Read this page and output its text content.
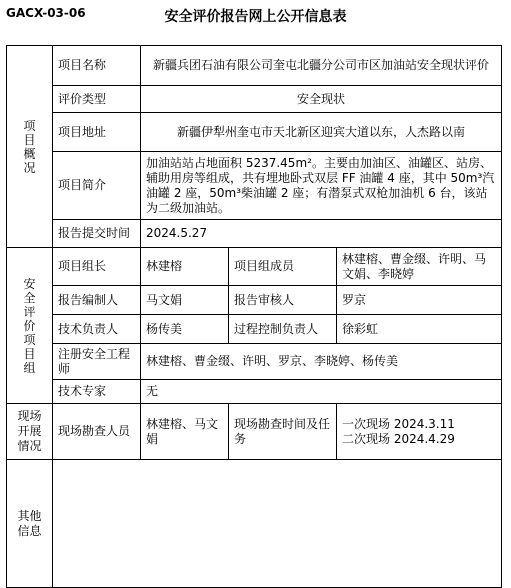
GACX-03-06	安全评价报告网上公开信息表
项目概况	项目名称	新疆兵团石油有限公司奎屯北疆分公司市区加油站安全现状评价		
	评价类型	安全现状		
	项目地址	新疆伊犁州奎屯市天北新区迎宾大道以东，人杰路以南		
	项目简介	加油站站占地面积 5237.45m²。主要由加油区、油罐区、站房、辅助用房等组成，共有埋地卧式双层 FF 油罐 4 座，其中 50m³汽油罐 2 座，50m³柴油罐 2 座；有潜泵式双枪加油机 6 台，该站为二级加油站。		
	报告提交时间	2024.5.27		

安全评价项目组	项目组长	林建榕	项目组成员	林建榕、曹金缀、许明、马文娟、李晓婷
	报告编制人	马文娟	报告审核人	罗京
	技术负责人	杨传美	过程控制负责人	徐彩虹
	注册安全工程师	林建榕、曹金缀、许明、罗京、李晓婷、杨传美		
	技术专家	无		
现场开展情况	现场勘查人员	林建榕、马文娟	现场勘查时间及任务	一次现场 2024.3.11
二次现场 2024.4.29

其他信息				
